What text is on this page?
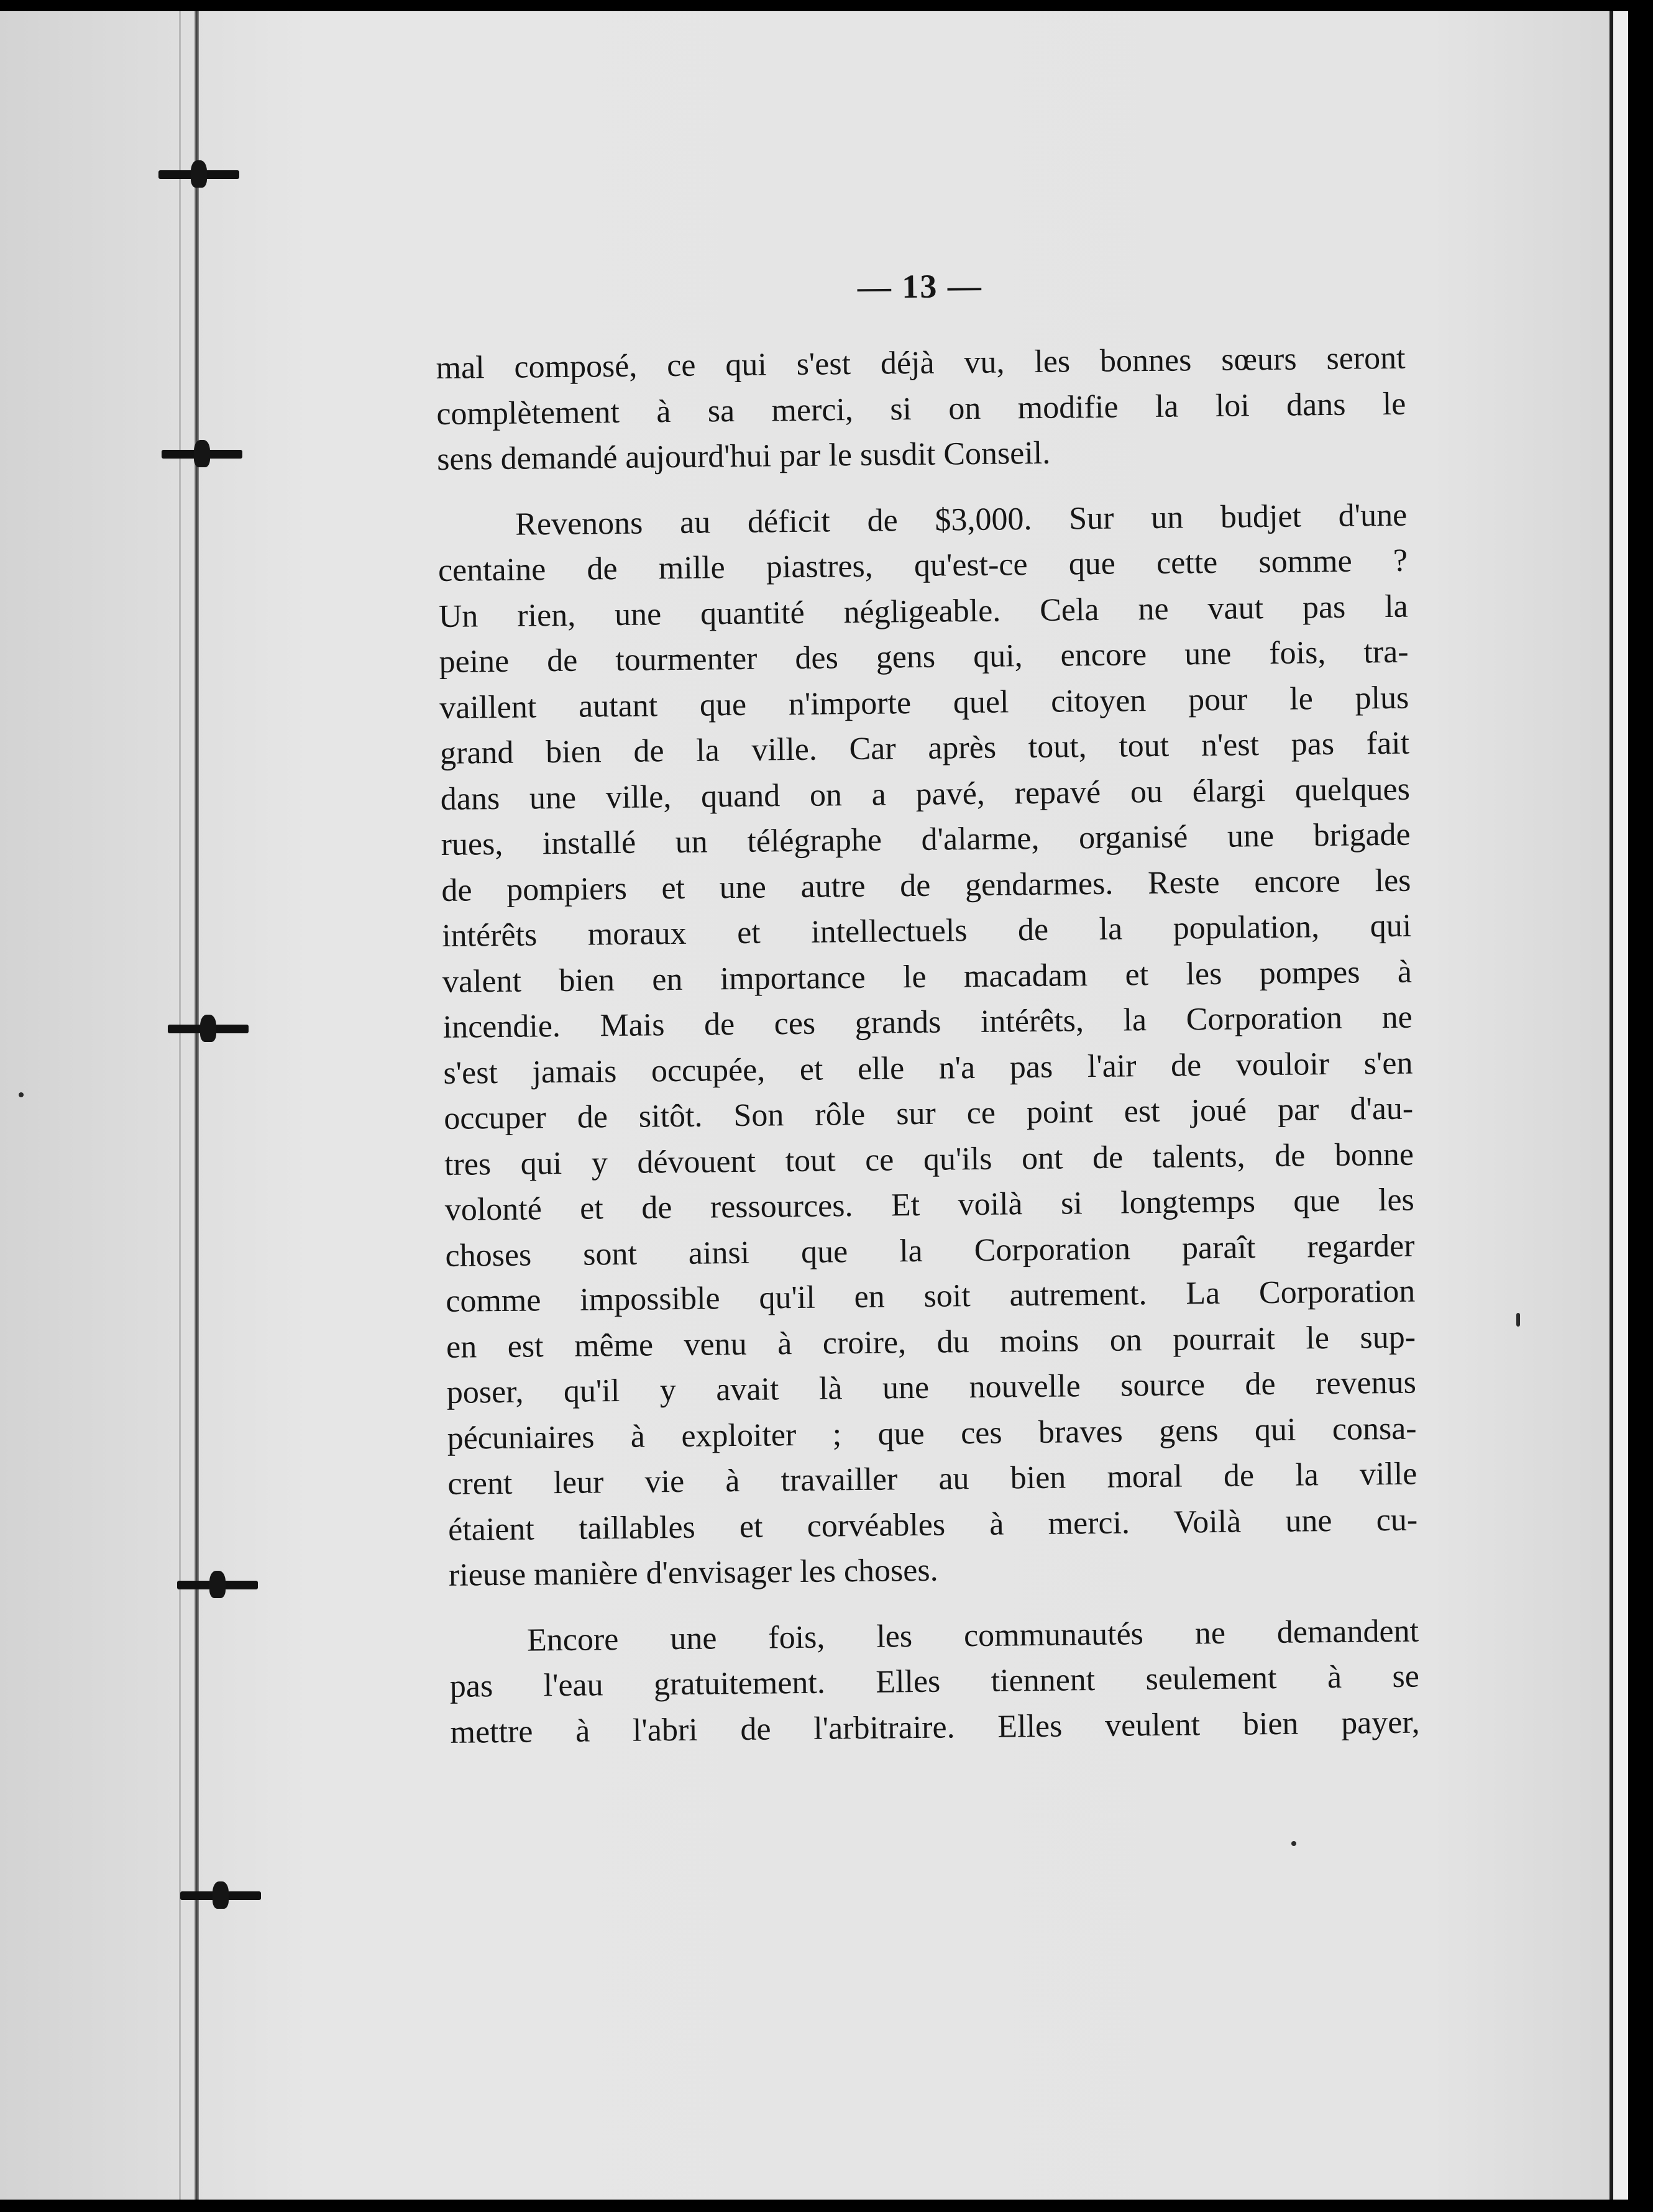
— 13 —
mal composé, ce qui s'est déjà vu, les bonnes sœurs seront
complètement à sa merci, si on modifie la loi dans le
sens demandé aujourd'hui par le susdit Conseil.
Revenons au déficit de $3,000. Sur un budjet d'une
centaine de mille piastres, qu'est-ce que cette somme ?
Un rien, une quantité négligeable. Cela ne vaut pas la
peine de tourmenter des gens qui, encore une fois, tra-
vaillent autant que n'importe quel citoyen pour le plus
grand bien de la ville. Car après tout, tout n'est pas fait
dans une ville, quand on a pavé, repavé ou élargi quelques
rues, installé un télégraphe d'alarme, organisé une brigade
de pompiers et une autre de gendarmes. Reste encore les
intérêts moraux et intellectuels de la population, qui
valent bien en importance le macadam et les pompes à
incendie. Mais de ces grands intérêts, la Corporation ne
s'est jamais occupée, et elle n'a pas l'air de vouloir s'en
occuper de sitôt. Son rôle sur ce point est joué par d'au-
tres qui y dévouent tout ce qu'ils ont de talents, de bonne
volonté et de ressources. Et voilà si longtemps que les
choses sont ainsi que la Corporation paraît regarder
comme impossible qu'il en soit autrement. La Corporation
en est même venu à croire, du moins on pourrait le sup-
poser, qu'il y avait là une nouvelle source de revenus
pécuniaires à exploiter ; que ces braves gens qui consa-
crent leur vie à travailler au bien moral de la ville
étaient taillables et corvéables à merci. Voilà une cu-
rieuse manière d'envisager les choses.
Encore une fois, les communautés ne demandent
pas l'eau gratuitement. Elles tiennent seulement à se
mettre à l'abri de l'arbitraire. Elles veulent bien payer,
